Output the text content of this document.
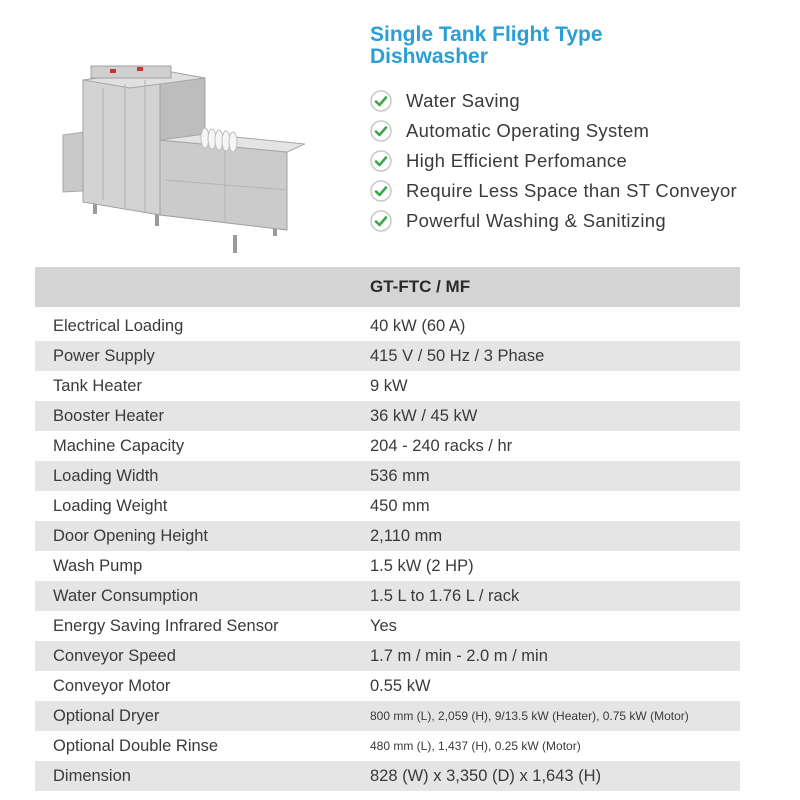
Single Tank Flight Type
Dishwasher
Water Saving
Automatic Operating System
High Efficient Perfomance
Require Less Space than ST Conveyor
Powerful Washing & Sanitizing
GT-FTC / MF	
Electrical Loading	40 kW (60 A)
Power Supply	415 V / 50 Hz / 3 Phase
Tank Heater	9 kW
Booster Heater	36 kW / 45 kW
Machine Capacity	204 - 240 racks / hr
Loading Width	536 mm
Loading Weight	450 mm
Door Opening Height	2,110 mm
Wash Pump	1.5 kW (2 HP)
Water Consumption	1.5 L to 1.76 L / rack
Energy Saving Infrared Sensor	Yes
Conveyor Speed	1.7 m / min - 2.0 m / min
Conveyor Motor	0.55 kW
Optional Dryer	800 mm (L), 2,059 (H), 9/13.5 kW (Heater), 0.75 kW (Motor)
Optional Double Rinse	480 mm (L), 1,437 (H), 0.25 kW (Motor)
Dimension	828 (W) x 3,350 (D) x 1,643 (H)
